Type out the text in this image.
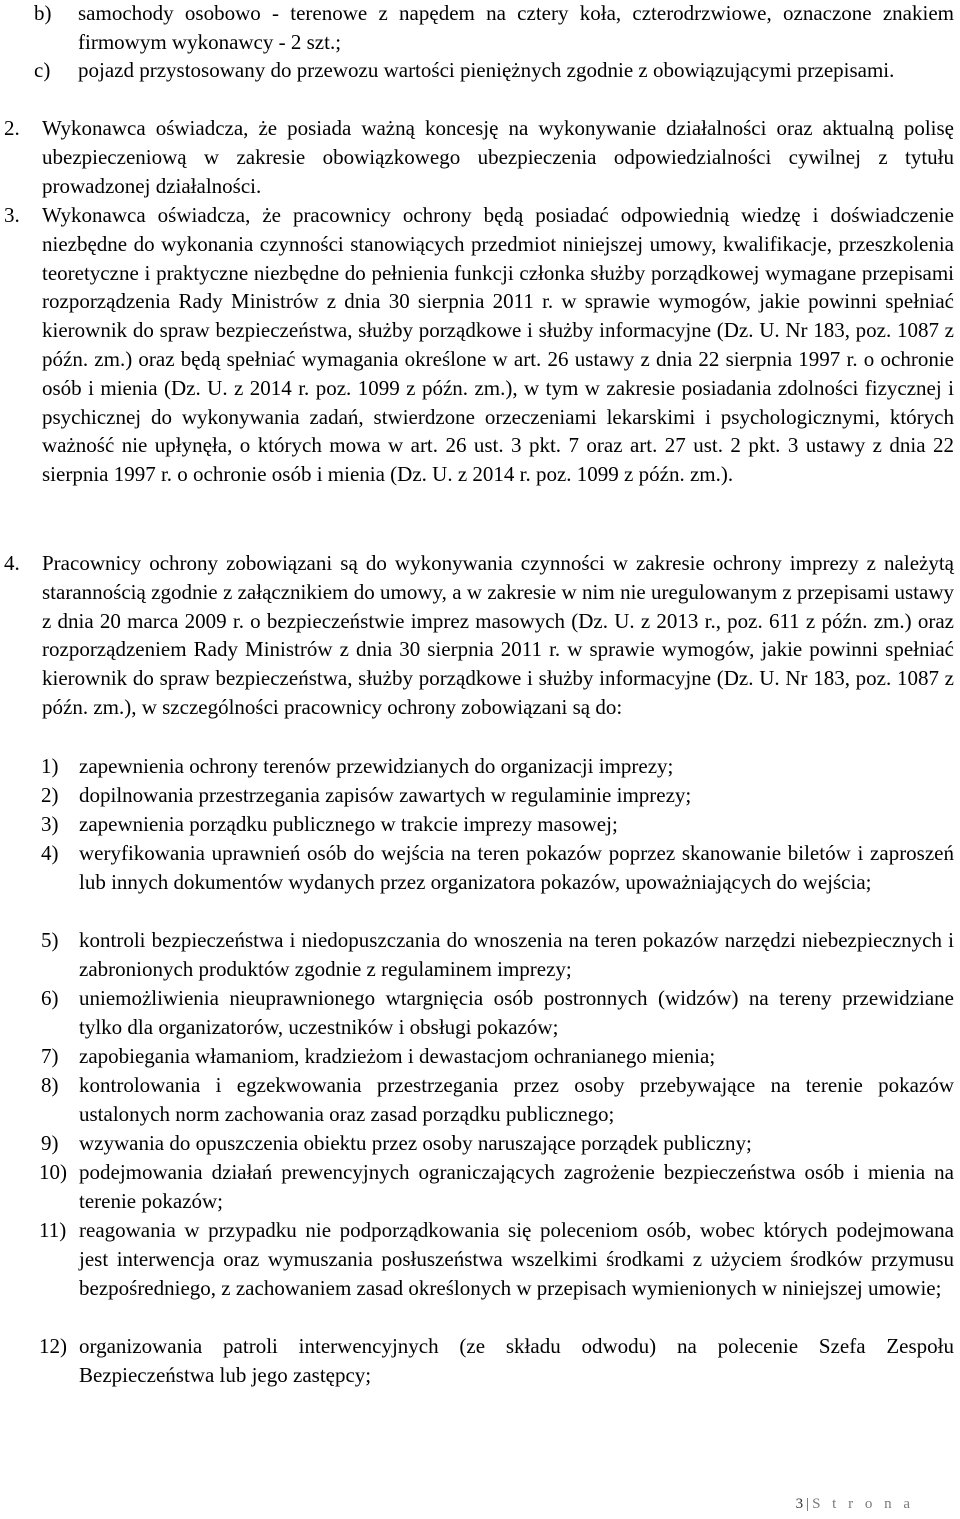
b) samochody osobowo - terenowe z napędem na cztery koła, czterodrzwiowe, oznaczone znakiem firmowym wykonawcy - 2 szt.;
c) pojazd przystosowany do przewozu wartości pieniężnych zgodnie z obowiązującymi przepisami.
2. Wykonawca oświadcza, że posiada ważną koncesję na wykonywanie działalności oraz aktualną polisę ubezpieczeniową w zakresie obowiązkowego ubezpieczenia odpowiedzialności cywilnej z tytułu prowadzonej działalności.
3. Wykonawca oświadcza, że pracownicy ochrony będą posiadać odpowiednią wiedzę i doświadczenie niezbędne do wykonania czynności stanowiących przedmiot niniejszej umowy, kwalifikacje, przeszkolenia teoretyczne i praktyczne niezbędne do pełnienia funkcji członka służby porządkowej wymagane przepisami rozporządzenia Rady Ministrów z dnia 30 sierpnia 2011 r. w sprawie wymogów, jakie powinni spełniać kierownik do spraw bezpieczeństwa, służby porządkowe i służby informacyjne (Dz. U. Nr 183, poz. 1087 z późn. zm.) oraz będą spełniać wymagania określone w art. 26 ustawy z dnia 22 sierpnia 1997 r. o ochronie osób i mienia (Dz. U. z 2014 r. poz. 1099 z późn. zm.), w tym w zakresie posiadania zdolności fizycznej i psychicznej do wykonywania zadań, stwierdzone orzeczeniami lekarskimi i psychologicznymi, których ważność nie upłynęła, o których mowa w art. 26 ust. 3 pkt. 7 oraz art. 27 ust. 2 pkt. 3 ustawy z dnia 22 sierpnia 1997 r. o ochronie osób i mienia (Dz. U. z 2014 r. poz. 1099 z późn. zm.).
4. Pracownicy ochrony zobowiązani są do wykonywania czynności w zakresie ochrony imprezy z należytą starannością zgodnie z załącznikiem do umowy, a w zakresie w nim nie uregulowanym z przepisami ustawy z dnia 20 marca 2009 r. o bezpieczeństwie imprez masowych (Dz. U. z 2013 r., poz. 611 z późn. zm.) oraz rozporządzeniem Rady Ministrów z dnia 30 sierpnia 2011 r. w sprawie wymogów, jakie powinni spełniać kierownik do spraw bezpieczeństwa, służby porządkowe i służby informacyjne (Dz. U. Nr 183, poz. 1087 z późn. zm.), w szczególności pracownicy ochrony zobowiązani są do:
1) zapewnienia ochrony terenów przewidzianych do organizacji imprezy;
2) dopilnowania przestrzegania zapisów zawartych w regulaminie imprezy;
3) zapewnienia porządku publicznego w trakcie imprezy masowej;
4) weryfikowania uprawnień osób do wejścia na teren pokazów poprzez skanowanie biletów i zaproszeń lub innych dokumentów wydanych przez organizatora pokazów, upoważniających do wejścia;
5) kontroli bezpieczeństwa i niedopuszczania do wnoszenia na teren pokazów narzędzi niebezpiecznych i zabronionych produktów zgodnie z regulaminem imprezy;
6) uniemożliwienia nieuprawnionego wtargnięcia osób postronnych (widzów) na tereny przewidziane tylko dla organizatorów, uczestników i obsługi pokazów;
7) zapobiegania włamaniom, kradzieżom i dewastacjom ochranianego mienia;
8) kontrolowania i egzekwowania przestrzegania przez osoby przebywające na terenie pokazów ustalonych norm zachowania oraz zasad porządku publicznego;
9) wzywania do opuszczenia obiektu przez osoby naruszające porządek publiczny;
10) podejmowania działań prewencyjnych ograniczających zagrożenie bezpieczeństwa osób i mienia na terenie pokazów;
11) reagowania w przypadku nie podporządkowania się poleceniom osób, wobec których podejmowana jest interwencja oraz wymuszania posłuszeństwa wszelkimi środkami z użyciem środków przymusu bezpośredniego, z zachowaniem zasad określonych w przepisach wymienionych w niniejszej umowie;
12) organizowania patroli interwencyjnych (ze składu odwodu) na polecenie Szefa Zespołu Bezpieczeństwa lub jego zastępcy;
3 | S t r o n a
